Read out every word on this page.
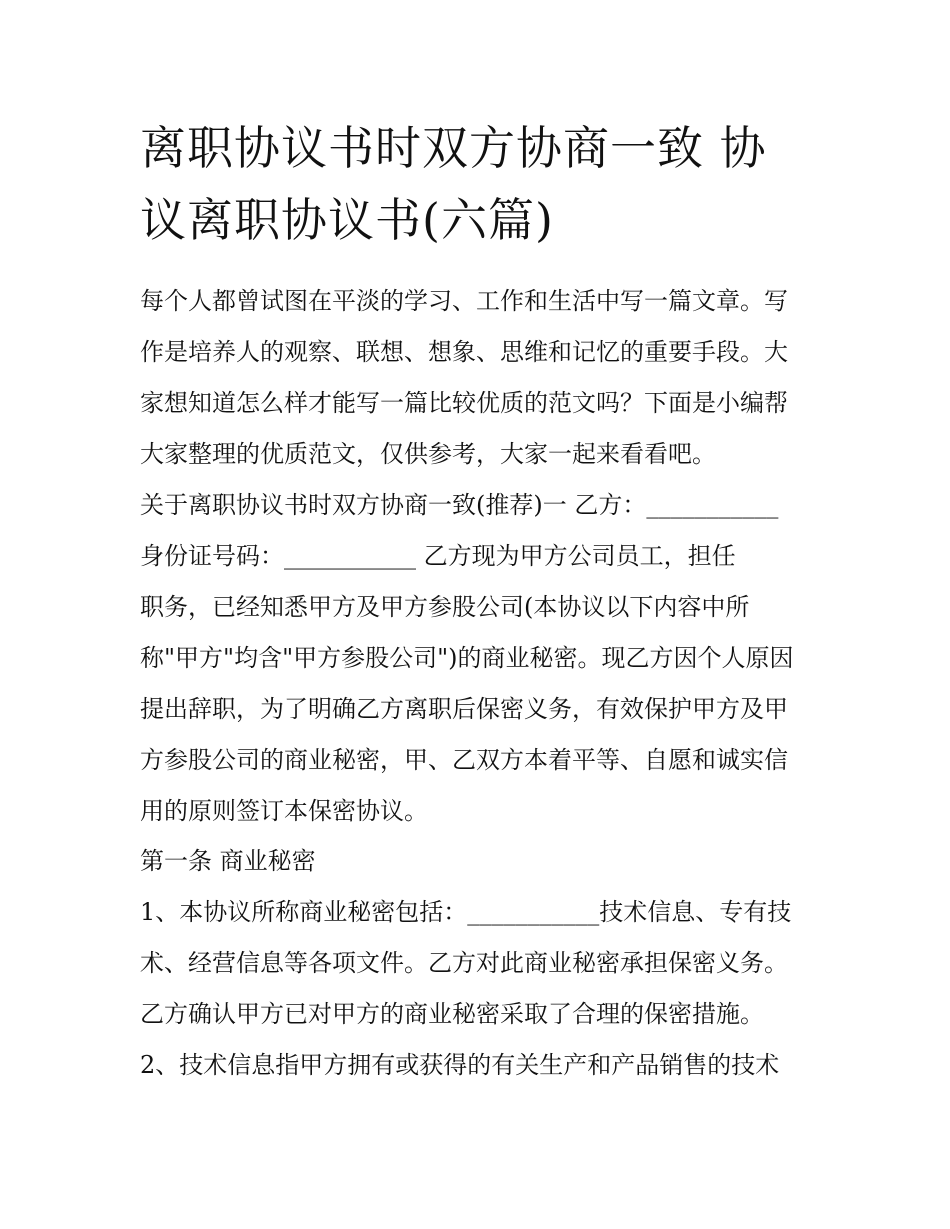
离职协议书时双方协商一致 协
议离职协议书(六篇)
每个人都曾试图在平淡的学习、工作和生活中写一篇文章。写
作是培养人的观察、联想、想象、思维和记忆的重要手段。大
家想知道怎么样才能写一篇比较优质的范文吗？下面是小编帮
大家整理的优质范文，仅供参考，大家一起来看看吧。
关于离职协议书时双方协商一致(推荐)一 乙方：___________
身份证号码：___________ 乙方现为甲方公司员工，担任
职务，已经知悉甲方及甲方参股公司(本协议以下内容中所
称"甲方"均含"甲方参股公司")的商业秘密。现乙方因个人原因
提出辞职，为了明确乙方离职后保密义务，有效保护甲方及甲
方参股公司的商业秘密，甲、乙双方本着平等、自愿和诚实信
用的原则签订本保密协议。
第一条 商业秘密
1、本协议所称商业秘密包括：___________技术信息、专有技
术、经营信息等各项文件。乙方对此商业秘密承担保密义务。
乙方确认甲方已对甲方的商业秘密采取了合理的保密措施。
2、技术信息指甲方拥有或获得的有关生产和产品销售的技术
